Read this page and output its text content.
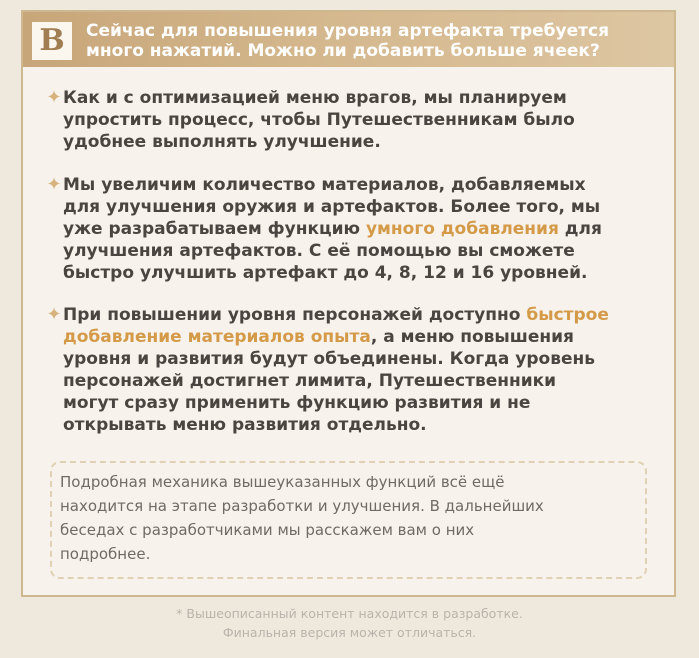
B	Сейчас для повышения уровня артефакта требуется
много нажатий. Можно ли добавить больше ячеек?
✦ Как и с оптимизацией меню врагов, мы планируем
упростить процесс, чтобы Путешественникам было
удобнее выполнять улучшение.
✦ Мы увеличим количество материалов, добавляемых
для улучшения оружия и артефактов. Более того, мы
уже разрабатываем функцию умного добавления для
улучшения артефактов. С её помощью вы сможете
быстро улучшить артефакт до 4, 8, 12 и 16 уровней.
✦ При повышении уровня персонажей доступно быстрое
добавление материалов опыта, а меню повышения
уровня и развития будут объединены. Когда уровень
персонажей достигнет лимита, Путешественники
могут сразу применить функцию развития и не
открывать меню развития отдельно.
Подробная механика вышеуказанных функций всё ещё
находится на этапе разработки и улучшения. В дальнейших
беседах с разработчиками мы расскажем вам о них
подробнее.
* Вышеописанный контент находится в разработке.
Финальная версия может отличаться.
